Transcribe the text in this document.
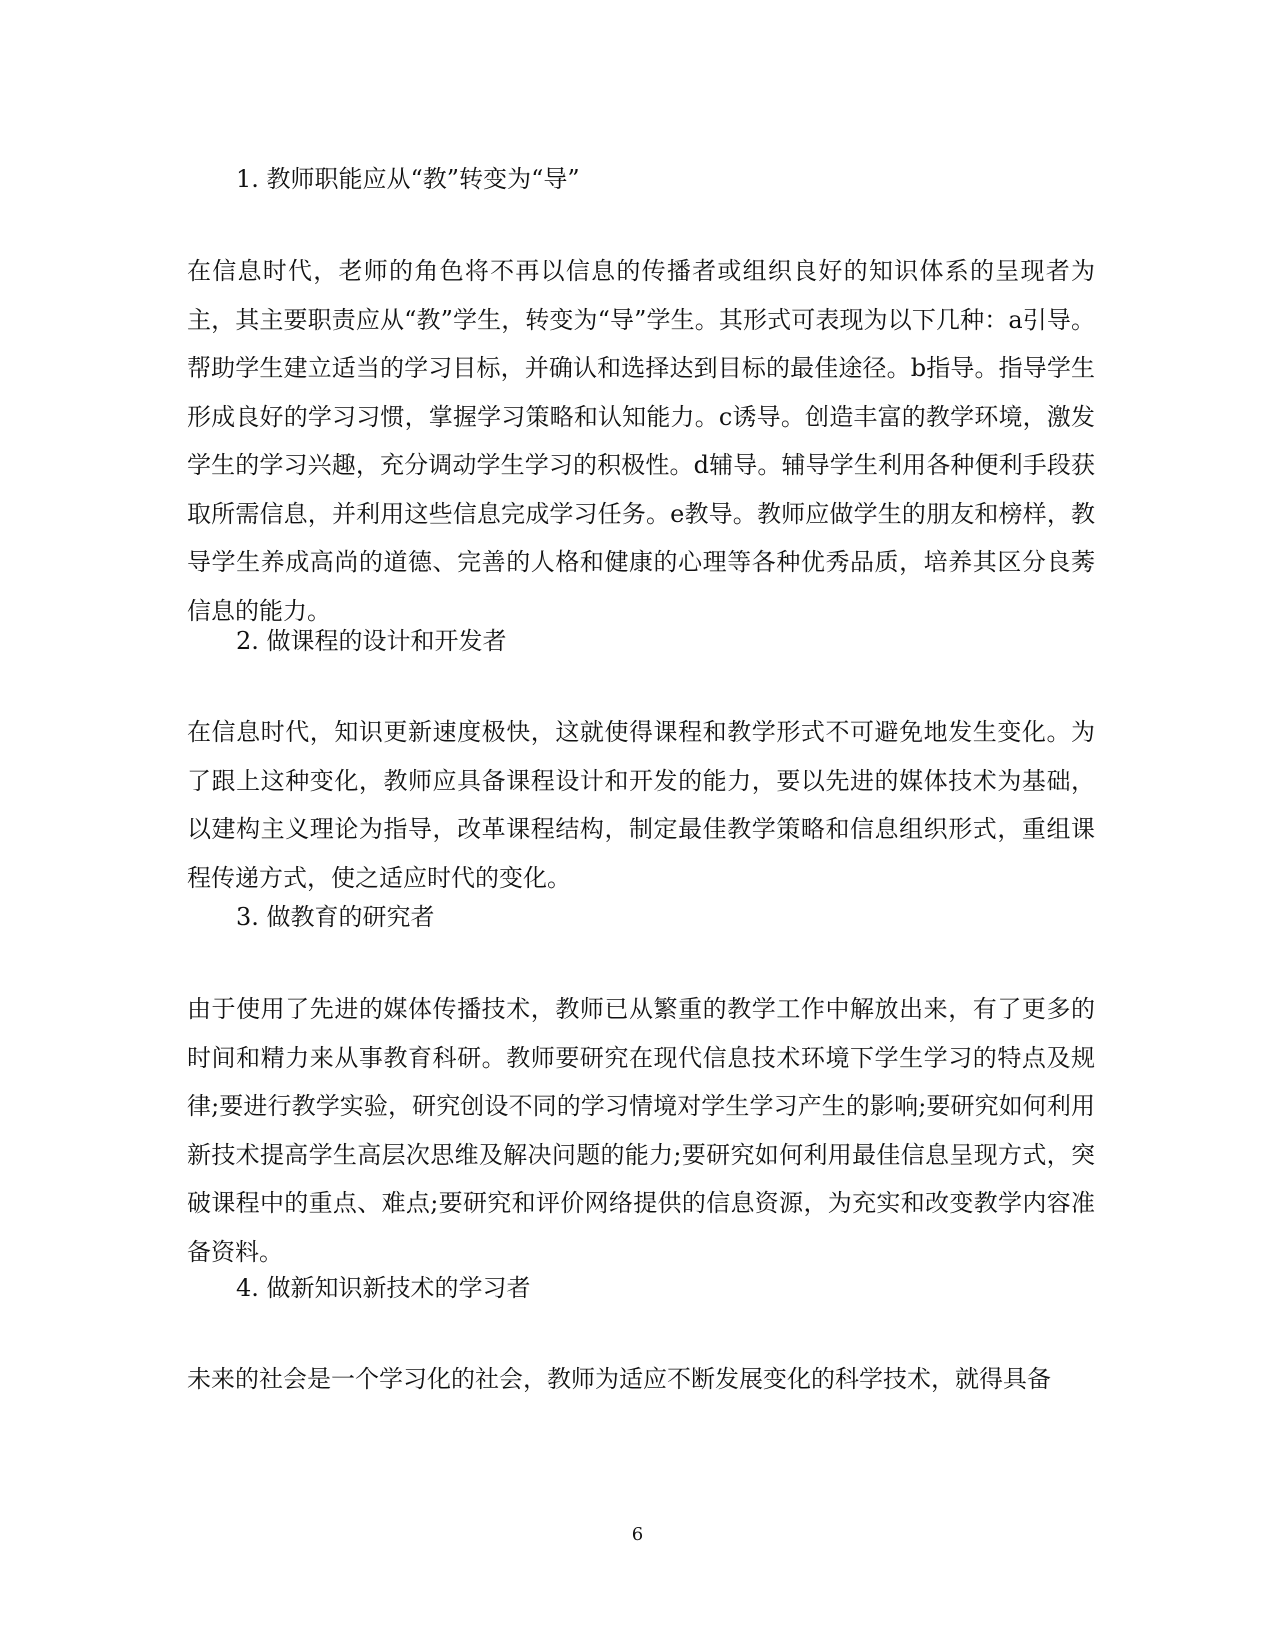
1. 教师职能应从“教”转变为“导”
在信息时代，老师的角色将不再以信息的传播者或组织良好的知识体系的呈现者为主，其主要职责应从“教”学生，转变为“导”学生。其形式可表现为以下几种：a引导。帮助学生建立适当的学习目标，并确认和选择达到目标的最佳途径。b指导。指导学生形成良好的学习习惯，掌握学习策略和认知能力。c诱导。创造丰富的教学环境，激发学生的学习兴趣，充分调动学生学习的积极性。d辅导。辅导学生利用各种便利手段获取所需信息，并利用这些信息完成学习任务。e教导。教师应做学生的朋友和榜样，教导学生养成高尚的道德、完善的人格和健康的心理等各种优秀品质，培养其区分良莠信息的能力。
2. 做课程的设计和开发者
在信息时代，知识更新速度极快，这就使得课程和教学形式不可避免地发生变化。为了跟上这种变化，教师应具备课程设计和开发的能力，要以先进的媒体技术为基础，以建构主义理论为指导，改革课程结构，制定最佳教学策略和信息组织形式，重组课程传递方式，使之适应时代的变化。
3. 做教育的研究者
由于使用了先进的媒体传播技术，教师已从繁重的教学工作中解放出来，有了更多的时间和精力来从事教育科研。教师要研究在现代信息技术环境下学生学习的特点及规律;要进行教学实验，研究创设不同的学习情境对学生学习产生的影响;要研究如何利用新技术提高学生高层次思维及解决问题的能力;要研究如何利用最佳信息呈现方式，突破课程中的重点、难点;要研究和评价网络提供的信息资源，为充实和改变教学内容准备资料。
4. 做新知识新技术的学习者
未来的社会是一个学习化的社会，教师为适应不断发展变化的科学技术，就得具备
6
